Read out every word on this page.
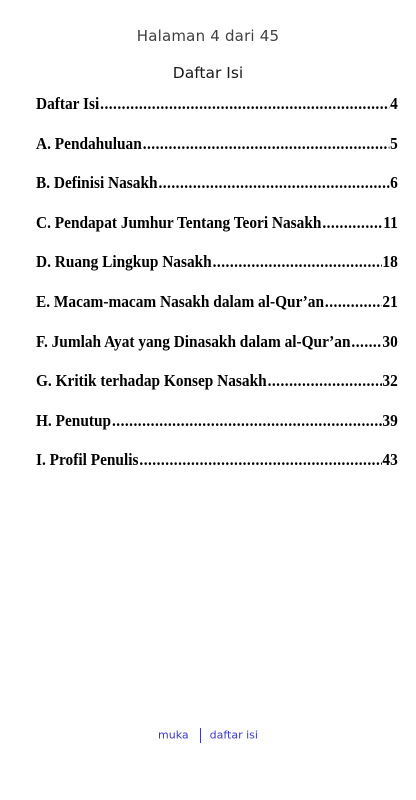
Halaman 4 dari 45
Daftar Isi
Daftar Isi .....	4
A. Pendahuluan .....	5
B. Definisi Nasakh .....	6
C. Pendapat Jumhur Tentang Teori Nasakh .....	11
D. Ruang Lingkup Nasakh .....	18
E. Macam-macam Nasakh dalam al-Qur’an .....	21
F. Jumlah Ayat yang Dinasakh dalam al-Qur’an ..... 30
G. Kritik terhadap Konsep Nasakh .....	32
H. Penutup .....	39
I. Profil Penulis .....	43
muka daftar isi
